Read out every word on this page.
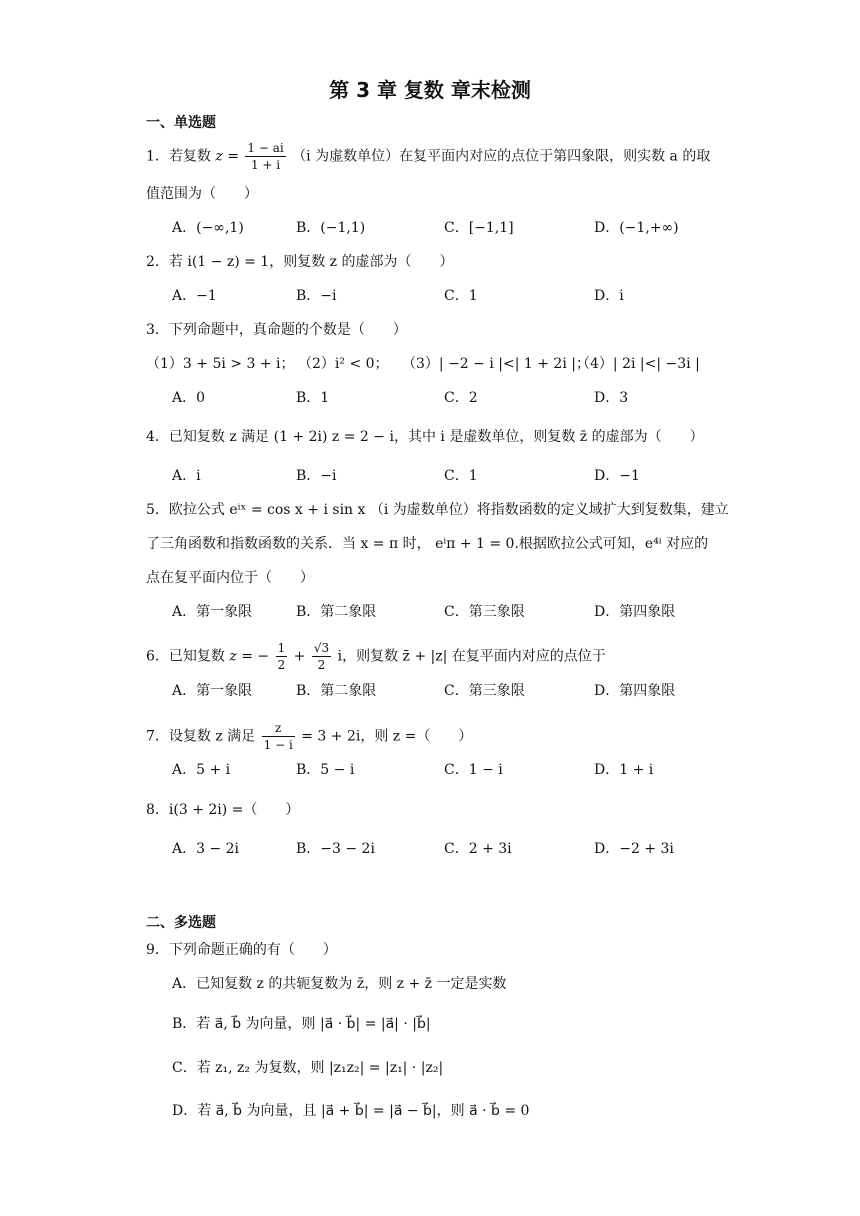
第 3 章 复数 章末检测
一、单选题
1．若复数 $z = \frac{1 - ai}{1 + i} (i$ 为虚数单位）在复平面内对应的点位于第四象限，则实数 a 的取
值范围为（　　）
A．(−∞,1)	B．(−1,1)	C．[−1,1]	D．(−1,+∞)
2．若 i(1 − z) = 1，则复数 z 的虚部为（　　）
A．−1	B．−i	C．1	D．i
3．下列命题中，真命题的个数是（　　）
（1）3 + 5i > 3 + i； （2）i² < 0； （3）| −2 − i |<| 1 + 2i |；
（4）| 2i |<| −3i |
A．0	B．1	C．2	D．3
4．已知复数 z 满足 (1 + 2i) z = 2 − i，其中 i 是虚数单位，则复数 z̄ 的虚部为（　　）
A．i	B．−i	C．1	D．−1
5．欧拉公式 eⁱˣ = cos x + i sin x （i 为虚数单位）将指数函数的定义域扩大到复数集，建立
了三角函数和指数函数的关系．当 x = π 时， eⁱπ + 1 = 0.根据欧拉公式可知，e⁴ⁱ 对应的
点在复平面内位于（　　）
A．第一象限	B．第二象限	C．第三象限	D．第四象限
6．已知复数 z = − $\frac{1}{2} + \frac{√3}{2}$ i，则复数 z̄ + |z| 在复平面内对应的点位于
A．第一象限	B．第二象限	C．第三象限	D．第四象限
7．设复数 z 满足 $\frac{z}{1 - i} = 3 + 2i$，则 z =（　　）
A．5 + i	B．5 − i	C．1 − i	D．1 + i
8．i(3 + 2i) =（　　）
A．3 − 2i	B．−3 − 2i	C．2 + 3i	D．−2 + 3i
二、多选题
9．下列命题正确的有（　　）
A．已知复数 z 的共轭复数为 z̄，则 z + z̄ 一定是实数
B．若 a⃗, b⃗ 为向量，则 |a⃗ · b⃗| = |a⃗| · |b⃗|
C．若 z₁, z₂ 为复数，则 |z₁z₂| = |z₁| · |z₂|
D．若 a⃗, b⃗ 为向量，且 |a⃗ + b⃗| = |a⃗ − b⃗|，则 a⃗ · b⃗ = 0
